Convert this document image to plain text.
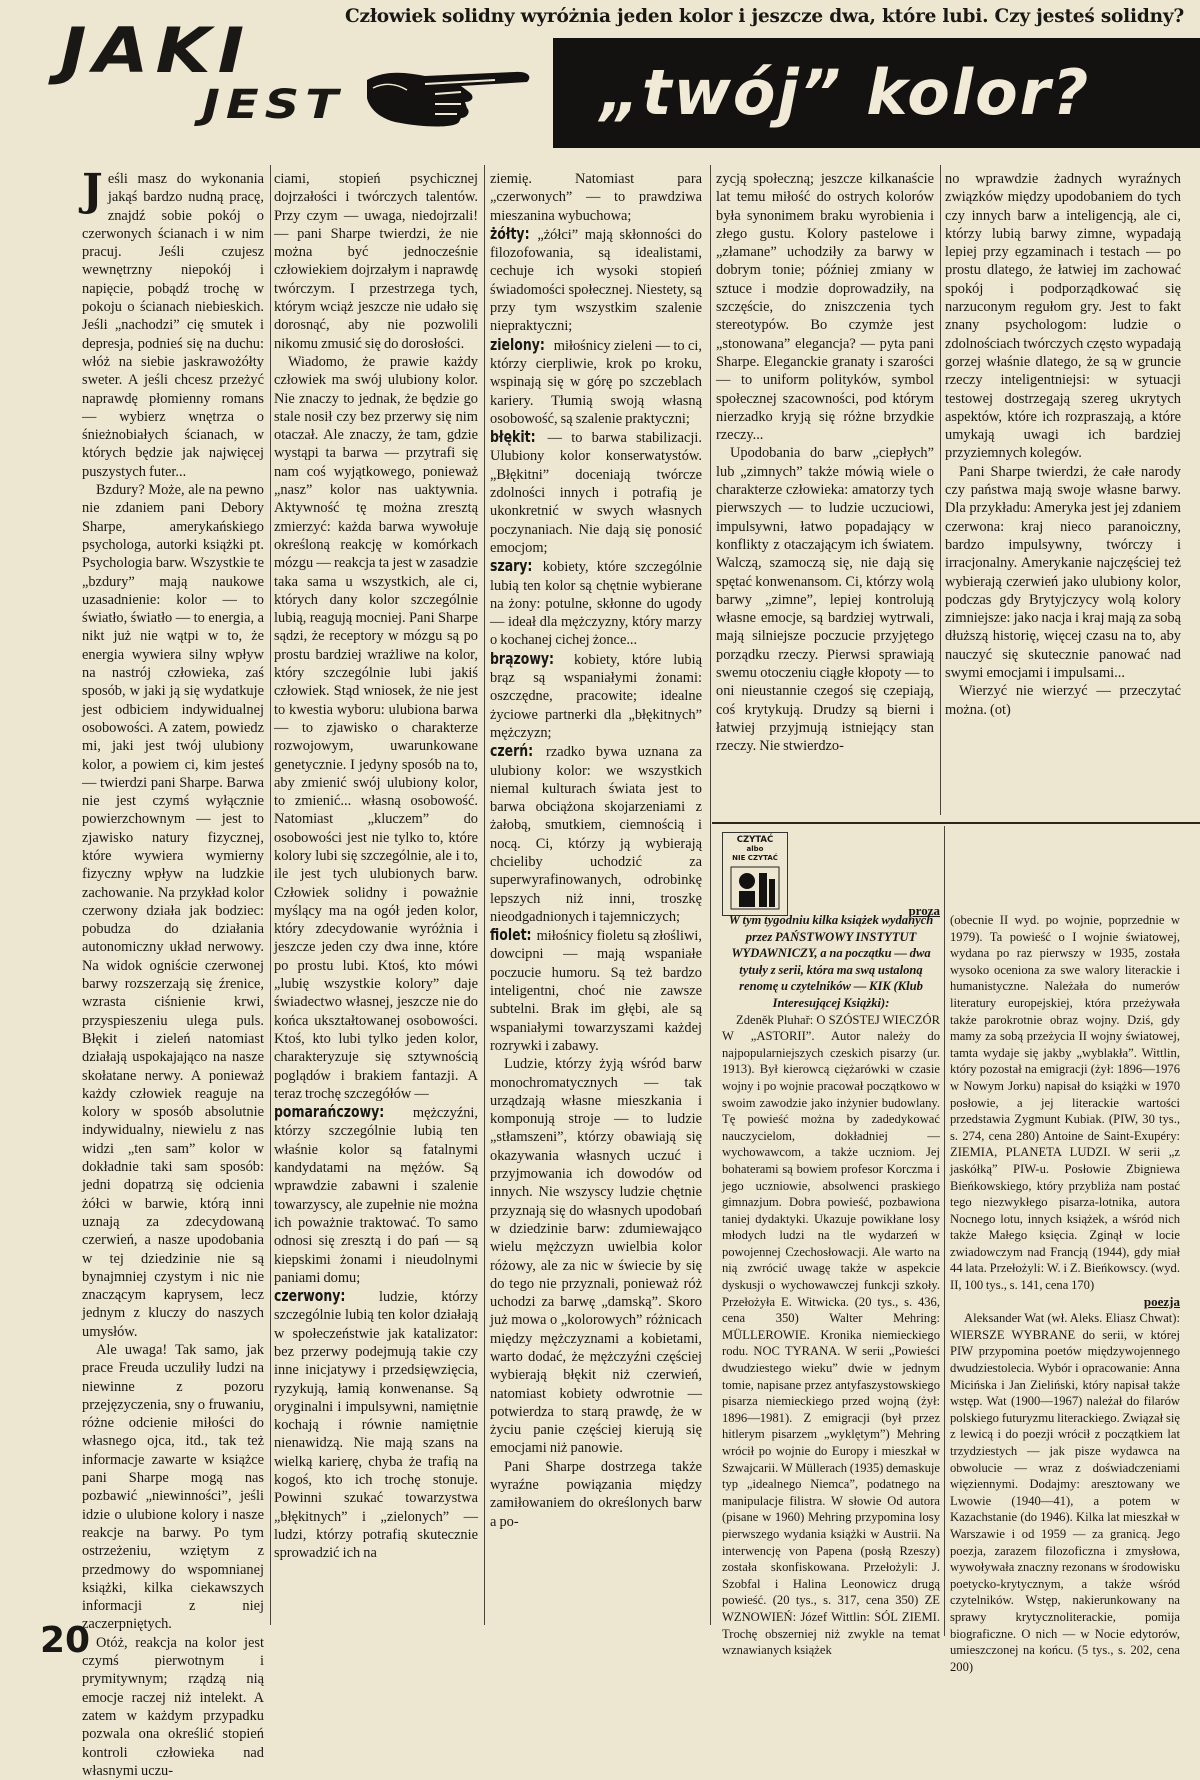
Człowiek solidny wyróżnia jeden kolor i jeszcze dwa, które lubi. Czy jesteś solidny?
JAKI
JEST	„twój” kolor?

Jeśli masz do wykonania jakąś bardzo nudną pracę, znajdź sobie pokój o czerwonych ścianach i w nim pracuj. Jeśli czujesz wewnętrzny niepokój i napięcie, pobądź trochę w pokoju o ścianach niebieskich. Jeśli „nachodzi” cię smutek i depresja, podnieś się na duchu: włóż na siebie jaskrawożółty sweter. A jeśli chcesz przeżyć naprawdę płomienny romans — wybierz wnętrza o śnieżnobiałych ścianach, w których będzie jak najwięcej puszystych futer...

Bzdury? Może, ale na pewno nie zdaniem pani Debory Sharpe, amerykańskiego psychologa, autorki książki pt. Psychologia barw. Wszystkie te „bzdury” mają naukowe uzasadnienie: kolor — to światło, światło — to energia, a nikt już nie wątpi w to, że energia wywiera silny wpływ na nastrój człowieka, zaś sposób, w jaki ją się wydatkuje jest odbiciem indywidualnej osobowości. A zatem, powiedz mi, jaki jest twój ulubiony kolor, a powiem ci, kim jesteś — twierdzi pani Sharpe. Barwa nie jest czymś wyłącznie powierzchownym — jest to zjawisko natury fizycznej, które wywiera wymierny fizyczny wpływ na ludzkie zachowanie. Na przykład kolor czerwony działa jak bodziec: pobudza do działania autonomiczny układ nerwowy. Na widok ogniście czerwonej barwy rozszerzają się źrenice, wzrasta ciśnienie krwi, przyspieszeniu ulega puls. Błękit i zieleń natomiast działają uspokajająco na nasze skołatane nerwy. A ponieważ każdy człowiek reaguje na kolory w sposób absolutnie indywidualny, niewielu z nas widzi „ten sam” kolor w dokładnie taki sam sposób: jedni dopatrzą się odcienia żółci w barwie, którą inni uznają za zdecydowaną czerwień, a nasze upodobania w tej dziedzinie nie są bynajmniej czystym i nic nie znaczącym kaprysem, lecz jednym z kluczy do naszych umysłów.

Ale uwaga! Tak samo, jak prace Freuda uczuliły ludzi na niewinne z pozoru przejęzyczenia, sny o fruwaniu, różne odcienie miłości do własnego ojca, itd., tak też informacje zawarte w książce pani Sharpe mogą nas pozbawić „niewinności”, jeśli idzie o ulubione kolory i nasze reakcje na barwy. Po tym ostrzeżeniu, wziętym z przedmowy do wspomnianej książki, kilka ciekawszych informacji z niej zaczerpniętych.

Otóż, reakcja na kolor jest czymś pierwotnym i prymitywnym; rządzą nią emocje raczej niż intelekt. A zatem w każdym przypadku pozwala ona określić stopień kontroli człowieka nad własnymi uczu-

ciami, stopień psychicznej dojrzałości i twórczych talentów. Przy czym — uwaga, niedojrzali! — pani Sharpe twierdzi, że nie można być jednocześnie człowiekiem dojrzałym i naprawdę twórczym. I przestrzega tych, którym wciąż jeszcze nie udało się dorosnąć, aby nie pozwolili nikomu zmusić się do dorosłości.

Wiadomo, że prawie każdy człowiek ma swój ulubiony kolor. Nie znaczy to jednak, że będzie go stale nosił czy bez przerwy się nim otaczał. Ale znaczy, że tam, gdzie wystąpi ta barwa — przytrafi się nam coś wyjątkowego, ponieważ „nasz” kolor nas uaktywnia. Aktywność tę można zresztą zmierzyć: każda barwa wywołuje określoną reakcję w komórkach mózgu — reakcja ta jest w zasadzie taka sama u wszystkich, ale ci, których dany kolor szczególnie lubią, reagują mocniej. Pani Sharpe sądzi, że receptory w mózgu są po prostu bardziej wrażliwe na kolor, który szczególnie lubi jakiś człowiek. Stąd wniosek, że nie jest to kwestia wyboru: ulubiona barwa — to zjawisko o charakterze rozwojowym, uwarunkowane genetycznie. I jedyny sposób na to, aby zmienić swój ulubiony kolor, to zmienić... własną osobowość. Natomiast „kluczem” do osobowości jest nie tylko to, które kolory lubi się szczególnie, ale i to, ile jest tych ulubionych barw. Człowiek solidny i poważnie myślący ma na ogół jeden kolor, który zdecydowanie wyróżnia i jeszcze jeden czy dwa inne, które po prostu lubi. Ktoś, kto mówi „lubię wszystkie kolory” daje świadectwo własnej, jeszcze nie do końca ukształtowanej osobowości. Ktoś, kto lubi tylko jeden kolor, charakteryzuje się sztywnością poglądów i brakiem fantazji. A teraz trochę szczegółów —

pomarańczowy: mężczyźni, którzy szczególnie lubią ten właśnie kolor są fatalnymi kandydatami na mężów. Są wprawdzie zabawni i szalenie towarzyscy, ale zupełnie nie można ich poważnie traktować. To samo odnosi się zresztą i do pań — są kiepskimi żonami i nieudolnymi paniami domu;

czerwony: ludzie, którzy szczególnie lubią ten kolor działają w społeczeństwie jak katalizator: bez przerwy podejmują takie czy inne inicjatywy i przedsięwzięcia, ryzykują, łamią konwenanse. Są oryginalni i impulsywni, namiętnie kochają i równie namiętnie nienawidzą. Nie mają szans na wielką karierę, chyba że trafią na kogoś, kto ich trochę stonuje. Powinni szukać towarzystwa „błękitnych” i „zielonych” — ludzi, którzy potrafią skutecznie sprowadzić ich na

ziemię. Natomiast para „czerwonych” — to prawdziwa mieszanina wybuchowa;

żółty: „żółci” mają skłonności do filozofowania, są idealistami, cechuje ich wysoki stopień świadomości społecznej. Niestety, są przy tym wszystkim szalenie niepraktyczni;

zielony: miłośnicy zieleni — to ci, którzy cierpliwie, krok po kroku, wspinają się w górę po szczeblach kariery. Tłumią swoją własną osobowość, są szalenie praktyczni;

błękit: — to barwa stabilizacji. Ulubiony kolor konserwatystów. „Błękitni” doceniają twórcze zdolności innych i potrafią je ukonkretnić w swych własnych poczynaniach. Nie dają się ponosić emocjom;

szary: kobiety, które szczególnie lubią ten kolor są chętnie wybierane na żony: potulne, skłonne do ugody — ideał dla mężczyzny, który marzy o kochanej cichej żonce...

brązowy: kobiety, które lubią brąz są wspaniałymi żonami: oszczędne, pracowite; idealne życiowe partnerki dla „błękitnych” mężczyzn;

czerń: rzadko bywa uznana za ulubiony kolor: we wszystkich niemal kulturach świata jest to barwa obciążona skojarzeniami z żałobą, smutkiem, ciemnością i nocą. Ci, którzy ją wybierają chcieliby uchodzić za superwyrafinowanych, odrobinkę lepszych niż inni, troszkę nieodgadnionych i tajemniczych;

fiolet: miłośnicy fioletu są złośliwi, dowcipni — mają wspaniałe poczucie humoru. Są też bardzo inteligentni, choć nie zawsze subtelni. Brak im głębi, ale są wspaniałymi towarzyszami każdej rozrywki i zabawy.

Ludzie, którzy żyją wśród barw monochromatycznych — tak urządzają własne mieszkania i komponują stroje — to ludzie „stłamszeni”, którzy obawiają się okazywania własnych uczuć i przyjmowania ich dowodów od innych. Nie wszyscy ludzie chętnie przyznają się do własnych upodobań w dziedzinie barw: zdumiewająco wielu mężczyzn uwielbia kolor różowy, ale za nic w świecie by się do tego nie przyznali, ponieważ róż uchodzi za barwę „damską”. Skoro już mowa o „kolorowych” różnicach między mężczyznami a kobietami, warto dodać, że mężczyźni częściej wybierają błękit niż czerwień, natomiast kobiety odwrotnie — potwierdza to starą prawdę, że w życiu panie częściej kierują się emocjami niż panowie.

Pani Sharpe dostrzega także wyraźne powiązania między zamiłowaniem do określonych barw a po-

zycją społeczną; jeszcze kilkanaście lat temu miłość do ostrych kolorów była synonimem braku wyrobienia i złego gustu. Kolory pastelowe i „złamane” uchodziły za barwy w dobrym tonie; później zmiany w sztuce i modzie doprowadziły, na szczęście, do zniszczenia tych stereotypów. Bo czymże jest „stonowana” elegancja? — pyta pani Sharpe. Eleganckie granaty i szarości — to uniform polityków, symbol społecznej szacowności, pod którym nierzadko kryją się różne brzydkie rzeczy...

Upodobania do barw „ciepłych” lub „zimnych” także mówią wiele o charakterze człowieka: amatorzy tych pierwszych — to ludzie uczuciowi, impulsywni, łatwo popadający w konflikty z otaczającym ich światem. Walczą, szamoczą się, nie dają się spętać konwenansom. Ci, którzy wolą barwy „zimne”, lepiej kontrolują własne emocje, są bardziej wytrwali, mają silniejsze poczucie przyjętego porządku rzeczy. Pierwsi sprawiają swemu otoczeniu ciągłe kłopoty — to oni nieustannie czegoś się czepiają, coś krytykują. Drudzy są bierni i łatwiej przyjmują istniejący stan rzeczy. Nie stwierdzo-

no wprawdzie żadnych wyraźnych związków między upodobaniem do tych czy innych barw a inteligencją, ale ci, którzy lubią barwy zimne, wypadają lepiej przy egzaminach i testach — po prostu dlatego, że łatwiej im zachować spokój i podporządkować się narzuconym regułom gry. Jest to fakt znany psychologom: ludzie o zdolnościach twórczych często wypadają gorzej właśnie dlatego, że są w gruncie rzeczy inteligentniejsi: w sytuacji testowej dostrzegają szereg ukrytych aspektów, które ich rozpraszają, a które umykają uwagi ich bardziej przyziemnych kolegów.

Pani Sharpe twierdzi, że całe narody czy państwa mają swoje własne barwy. Dla przykładu: Ameryka jest jej zdaniem czerwona: kraj nieco paranoiczny, bardzo impulsywny, twórczy i irracjonalny. Amerykanie najczęściej też wybierają czerwień jako ulubiony kolor, podczas gdy Brytyjczycy wolą kolory zimniejsze: jako nacja i kraj mają za sobą dłuższą historię, więcej czasu na to, aby nauczyć się skutecznie panować nad swymi emocjami i impulsami...

Wierzyć nie wierzyć — przeczytać można. (ot)

CZYTAĆ
albo
NIE CZYTAĆ
proza

W tym tygodniu kilka książek wydanych przez PAŃSTWOWY INSTYTUT WYDAWNICZY, a na początku — dwa tytuły z serii, która ma swą ustaloną renomę u czytelników — KIK (Klub Interesującej Książki):

Zdeněk Pluhař: O SZÓSTEJ WIECZÓR W „ASTORII”. Autor należy do najpopularniejszych czeskich pisarzy (ur. 1913). Był kierowcą ciężarówki w czasie wojny i po wojnie pracował początkowo w swoim zawodzie jako inżynier budowlany. Tę powieść można by zadedykować nauczycielom, dokładniej — wychowawcom, a także uczniom. Jej bohaterami są bowiem profesor Korczma i jego uczniowie, absolwenci praskiego gimnazjum. Dobra powieść, pozbawiona taniej dydaktyki. Ukazuje powikłane losy młodych ludzi na tle wydarzeń w powojennej Czechosłowacji. Ale warto na nią zwrócić uwagę także w aspekcie dyskusji o wychowawczej funkcji szkoły. Przełożyła E. Witwicka. (20 tys., s. 436, cena 350) Walter Mehring: MÜLLEROWIE. Kronika niemieckiego rodu. NOC TYRANA. W serii „Powieści dwudziestego wieku” dwie w jednym tomie, napisane przez antyfaszystowskiego pisarza niemieckiego przed wojną (żył: 1896—1981). Z emigracji (był przez hitlerym pisarzem „wyklętym”) Mehring wrócił po wojnie do Europy i mieszkał w Szwajcarii. W Müllerach (1935) demaskuje typ „idealnego Niemca”, podatnego na manipulacje filistra. W słowie Od autora (pisane w 1960) Mehring przypomina losy pierwszego wydania książki w Austrii. Na interwencję von Papena (posłą Rzeszy) została skonfiskowana. Przełożyli: J. Szobfal i Halina Leonowicz drugą powieść. (20 tys., s. 317, cena 350) ZE WZNOWIEŃ: Józef Wittlin: SÓL ZIEMI. Trochę obszerniej niż zwykle na temat wznawianych książek

(obecnie II wyd. po wojnie, poprzednie w 1979). Ta powieść o I wojnie światowej, wydana po raz pierwszy w 1935, została wysoko oceniona za swe walory literackie i humanistyczne. Należała do numerów literatury europejskiej, która przeżywała także parokrotnie obraz wojny. Dziś, gdy mamy za sobą przeżycia II wojny światowej, tamta wydaje się jakby „wyblakła”. Wittlin, który pozostał na emigracji (żył: 1896—1976 w Nowym Jorku) napisał do książki w 1970 posłowie, a jej literackie wartości przedstawia Zygmunt Kubiak. (PIW, 30 tys., s. 274, cena 280) Antoine de Saint-Exupéry: ZIEMIA, PLANETA LUDZI. W serii „z jaskółką” PIW-u. Posłowie Zbigniewa Bieńkowskiego, który przybliża nam postać tego niezwykłego pisarza-lotnika, autora Nocnego lotu, innych książek, a wśród nich także Małego księcia. Zginął w locie zwiadowczym nad Francją (1944), gdy miał 44 lata. Przełożyli: W. i Z. Bieńkowscy. (wyd. II, 100 tys., s. 141, cena 170)

poezja

Aleksander Wat (wł. Aleks. Eliasz Chwat): WIERSZE WYBRANE do serii, w której PIW przypomina poetów międzywojennego dwudziestolecia. Wybór i opracowanie: Anna Micińska i Jan Zieliński, który napisał także wstęp. Wat (1900—1967) należał do filarów polskiego futuryzmu literackiego. Związał się z lewicą i do poezji wrócił z początkiem lat trzydziestych — jak pisze wydawca na obwolucie — wraz z doświadczeniami więziennymi. Dodajmy: aresztowany we Lwowie (1940—41), a potem w Kazachstanie (do 1946). Kilka lat mieszkał w Warszawie i od 1959 — za granicą. Jego poezja, zarazem filozoficzna i zmysłowa, wywoływała znaczny rezonans w środowisku poetycko-krytycznym, a także wśród czytelników. Wstęp, nakierunkowany na sprawy krytycznoliterackie, pomija biograficzne. O nich — w Nocie edytorów, umieszczonej na końcu. (5 tys., s. 202, cena 200)

20
